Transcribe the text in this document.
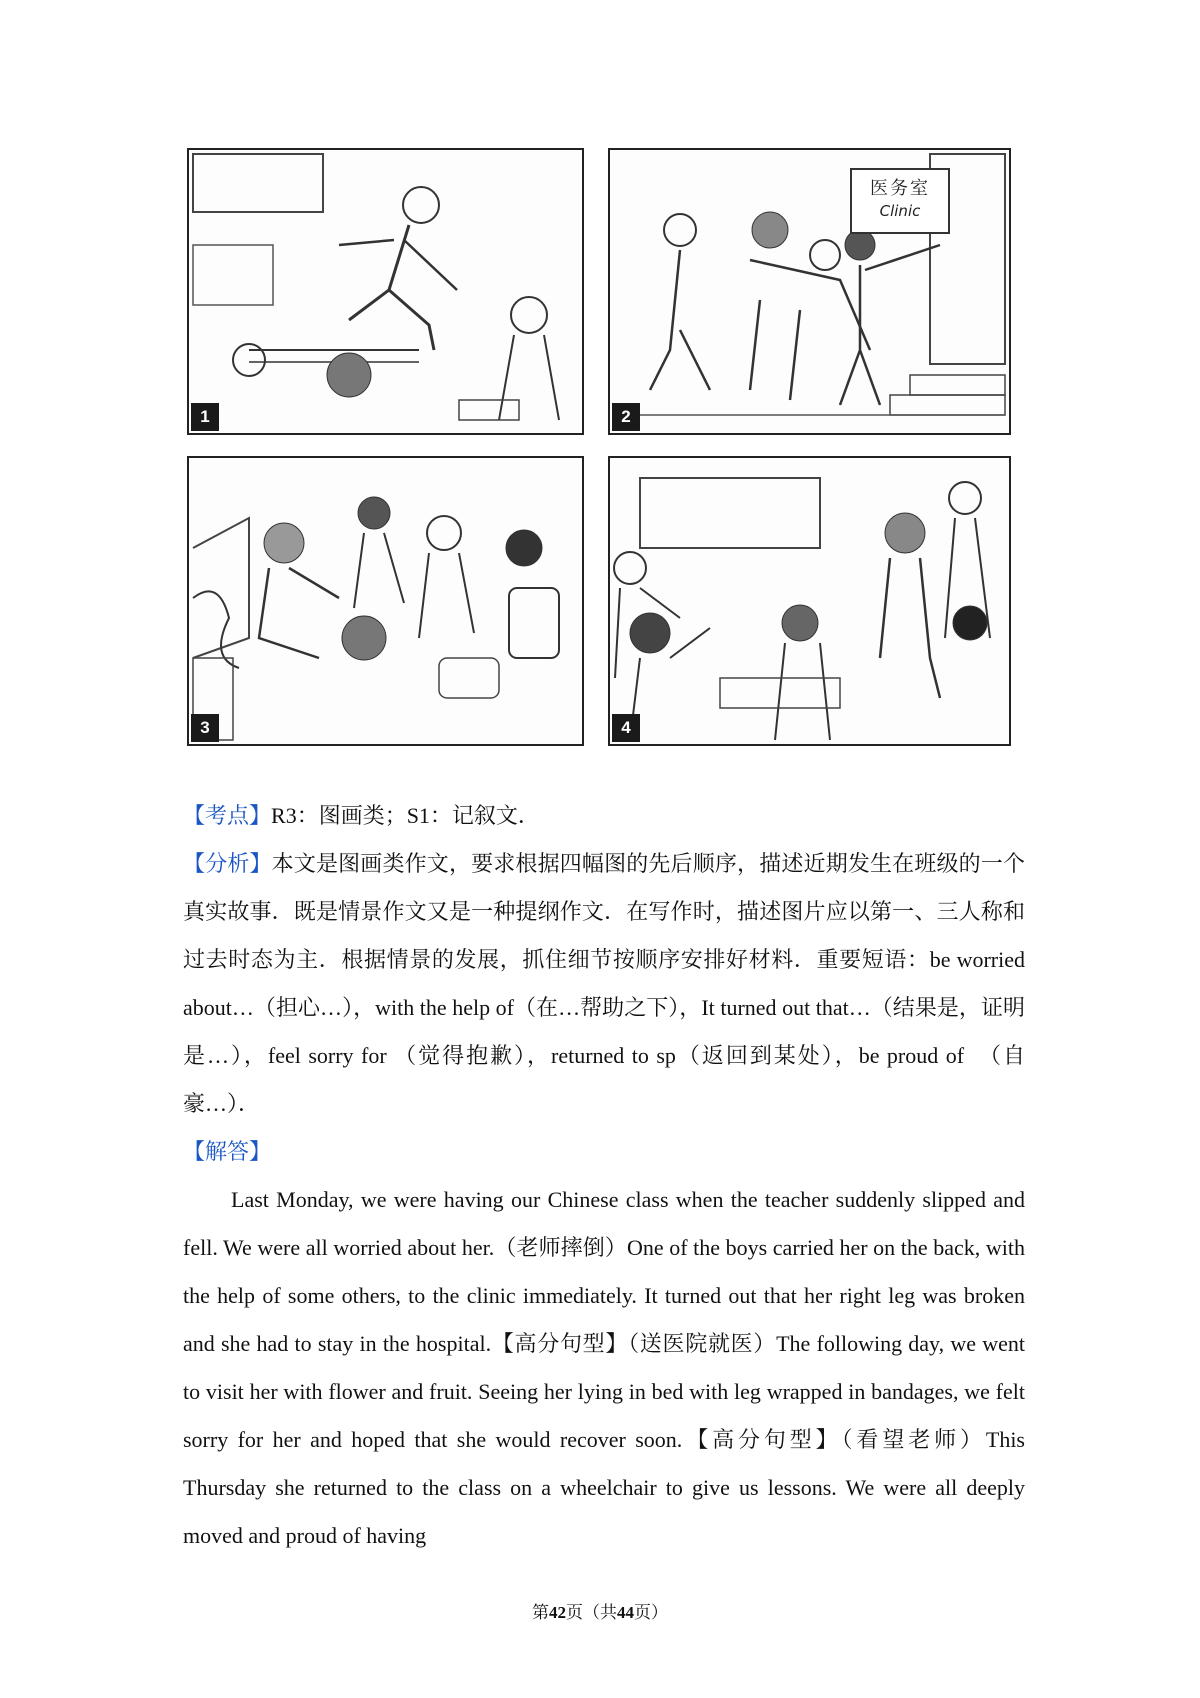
1
医务室
Clinic
2
3	4

【考点】R3：图画类；S1：记叙文．

【分析】本文是图画类作文，要求根据四幅图的先后顺序，描述近期发生在班级的一个真实故事．既是情景作文又是一种提纲作文．在写作时，描述图片应以第一、三人称和过去时态为主．根据情景的发展，抓住细节按顺序安排好材料．重要短语：be worried about…（担心…），with the help of（在…帮助之下），It turned out that…（结果是，证明是…），feel sorry for （觉得抱歉），returned to sp（返回到某处），be proud of　（自豪…）．

【解答】

Last Monday, we were having our Chinese class when the teacher suddenly slipped and fell. We were all worried about her.（老师摔倒）One of the boys carried her on the back, with the help of some others, to the clinic immediately. It turned out that her right leg was broken and she had to stay in the hospital.【高分句型】（送医院就医）The following day, we went to visit her with flower and fruit. Seeing her lying in bed with leg wrapped in bandages, we felt sorry for her and hoped that she would recover soon.【高分句型】（看望老师）This Thursday she returned to the class on a wheelchair to give us lessons. We were all deeply moved and proud of having

第42页（共44页）
